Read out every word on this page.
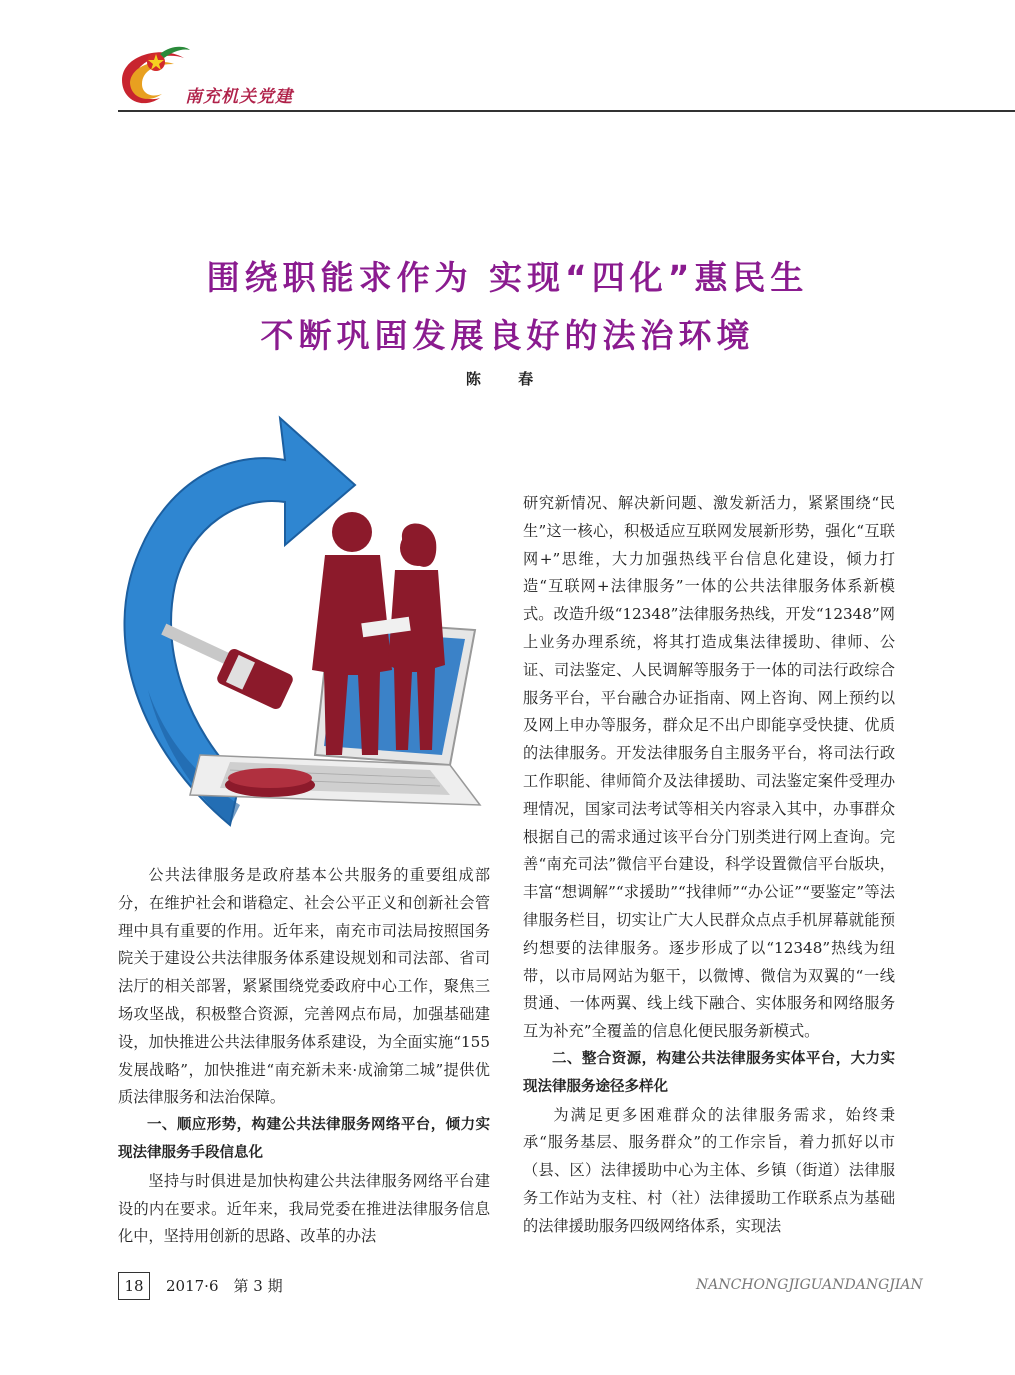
南充机关党建
围绕职能求作为 实现“四化”惠民生
不断巩固发展良好的法治环境
陈 春

公共法律服务是政府基本公共服务的重要组成部分，在维护社会和谐稳定、社会公平正义和创新社会管理中具有重要的作用。近年来，南充市司法局按照国务院关于建设公共法律服务体系建设规划和司法部、省司法厅的相关部署，紧紧围绕党委政府中心工作，聚焦三场攻坚战，积极整合资源，完善网点布局，加强基础建设，加快推进公共法律服务体系建设，为全面实施“155发展战略”，加快推进“南充新未来·成渝第二城”提供优质法律服务和法治保障。

一、顺应形势，构建公共法律服务网络平台，倾力实现法律服务手段信息化

坚持与时俱进是加快构建公共法律服务网络平台建设的内在要求。近年来，我局党委在推进法律服务信息化中，坚持用创新的思路、改革的办法

研究新情况、解决新问题、激发新活力，紧紧围绕“民生”这一核心，积极适应互联网发展新形势，强化“互联网+”思维，大力加强热线平台信息化建设，倾力打造“互联网+法律服务”一体的公共法律服务体系新模式。改造升级“12348”法律服务热线，开发“12348”网上业务办理系统，将其打造成集法律援助、律师、公证、司法鉴定、人民调解等服务于一体的司法行政综合服务平台，平台融合办证指南、网上咨询、网上预约以及网上申办等服务，群众足不出户即能享受快捷、优质的法律服务。开发法律服务自主服务平台，将司法行政工作职能、律师简介及法律援助、司法鉴定案件受理办理情况，国家司法考试等相关内容录入其中，办事群众根据自己的需求通过该平台分门别类进行网上查询。完善“南充司法”微信平台建设，科学设置微信平台版块，丰富“想调解”“求援助”“找律师”“办公证”“要鉴定”等法律服务栏目，切实让广大人民群众点点手机屏幕就能预约想要的法律服务。逐步形成了以“12348”热线为纽带，以市局网站为躯干，以微博、微信为双翼的“一线贯通、一体两翼、线上线下融合、实体服务和网络服务互为补充”全覆盖的信息化便民服务新模式。

二、整合资源，构建公共法律服务实体平台，大力实现法律服务途径多样化

为满足更多困难群众的法律服务需求，始终秉承“服务基层、服务群众”的工作宗旨，着力抓好以市（县、区）法律援助中心为主体、乡镇（街道）法律服务工作站为支柱、村（社）法律援助工作联系点为基础的法律援助服务四级网络体系，实现法

18	2017·6　第 3 期	NANCHONGJIGUANDANGJIAN
